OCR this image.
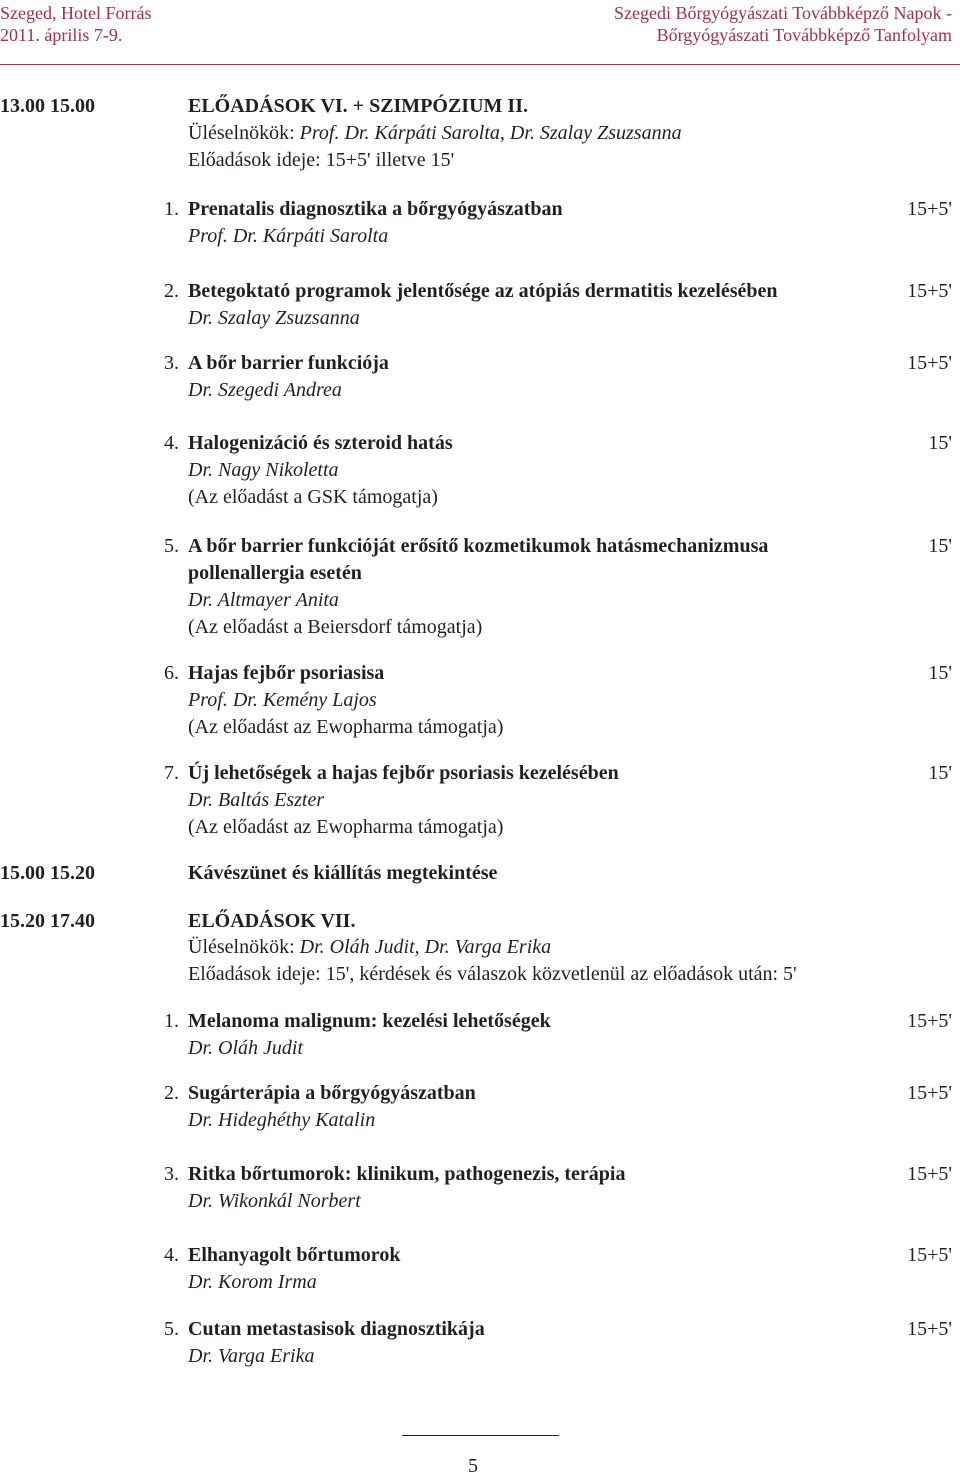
Szeged, Hotel Forrás
2011. április 7-9.
Szegedi Bőrgyógyászati Továbbképző Napok -
Bőrgyógyászati Továbbképző Tanfolyam
13.00 15.00	ELŐADÁSOK VI. + SZIMPÓZIUM II.
Üléselnökök: Prof. Dr. Kárpáti Sarolta, Dr. Szalay Zsuzsanna
Előadások ideje: 15+5' illetve 15'
1. Prenatalis diagnosztika a bőrgyógyászatban	15+5'
Prof. Dr. Kárpáti Sarolta
2. Betegoktató programok jelentősége az atópiás dermatitis kezelésében	15+5'
Dr. Szalay Zsuzsanna
3. A bőr barrier funkciója	15+5'
Dr. Szegedi Andrea
4. Halogenizáció és szteroid hatás	15'
Dr. Nagy Nikoletta
(Az előadást a GSK támogatja)
5. A bőr barrier funkcióját erősítő kozmetikumok hatásmechanizmusa	15'
pollenallergia esetén
Dr. Altmayer Anita
(Az előadást a Beiersdorf támogatja)
6. Hajas fejbőr psoriasisa	15'
Prof. Dr. Kemény Lajos
(Az előadást az Ewopharma támogatja)
7. Új lehetőségek a hajas fejbőr psoriasis kezelésében	15'
Dr. Baltás Eszter
(Az előadást az Ewopharma támogatja)
15.00 15.20	Kávészünet és kiállítás megtekintése
15.20 17.40	ELŐADÁSOK VII.
Üléselnökök: Dr. Oláh Judit, Dr. Varga Erika
Előadások ideje: 15', kérdések és válaszok közvetlenül az előadások után: 5'
1. Melanoma malignum: kezelési lehetőségek	15+5'
Dr. Oláh Judit
2. Sugárterápia a bőrgyógyászatban	15+5'
Dr. Hideghéthy Katalin
3. Ritka bőrtumorok: klinikum, pathogenezis, terápia	15+5'
Dr. Wikonkál Norbert
4. Elhanyagolt bőrtumorok	15+5'
Dr. Korom Irma
5. Cutan metastasisok diagnosztikája	15+5'
Dr. Varga Erika
5
